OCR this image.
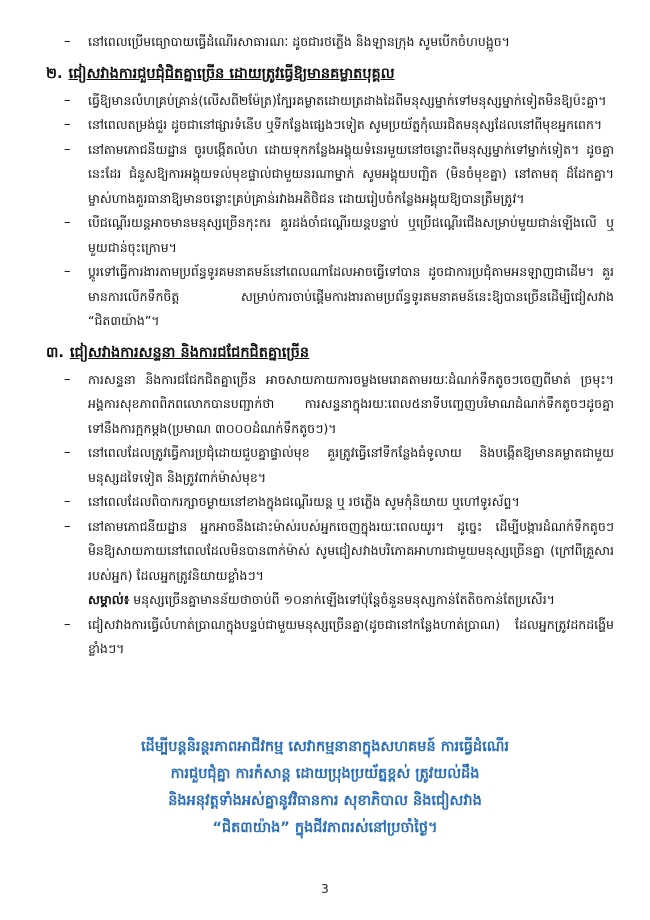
– នៅពេលប្រើមធ្យោបាយធ្វើដំណើរសាធារណៈ ដូចជារថភ្លើង និងឡានក្រុង សូមបើកចំហបង្អួច។

២. ជៀសវាងការជួបជុំជិតគ្នាច្រើន ដោយត្រូវធ្វើឱ្យមានគម្លាតបុគ្គល

– ធ្វើឱ្យមានលំហគ្រប់គ្រាន់(លើសពី២ម៉ែត្រ)ក្បែរគម្លាតដោយត្រដាងដៃពីមនុស្សម្នាក់ទៅមនុស្សម្នាក់ទៀតមិនឱ្យប៉ះគ្នា។

– នៅពេលតម្រង់ជួរ ដូចជានៅផ្សារទំនើប ឬទីកន្លែងផ្សេងៗទៀត សូមប្រយ័ត្នកុំឈរជិតមនុស្សដែលនៅពីមុខអ្នកពេក។

– នៅតាមភោជនីយដ្ឋាន ចូរបង្កើតលំហ ដោយទុកកន្លែងអង្គុយទំនេរមួយនៅចន្លោះពីមនុស្សម្នាក់ទៅម្នាក់ទៀត។ ដូចគ្នានេះដែរ ជំនួសឱ្យការអង្គុយទល់មុខផ្ទាល់ជាមួយនរណាម្នាក់ សូមអង្គុយបញ្ឆិត (មិនចំមុខគ្នា) នៅតាមតុ ដ៏ដែកគ្នា។ ម្ចាស់ហាងគួរធានាឱ្យមានចន្លោះគ្រប់គ្រាន់រវាងអតិថិជន ដោយរៀបចំកន្លែងអង្គុយឱ្យបានត្រឹមត្រូវ។

– បើជណ្តើរយន្តអាចមានមនុស្សច្រើនកុះករ គួរដង់ចាំជណ្តើរយន្តបន្ទាប់ ឬប្រើជណ្តើរជើងសម្រាប់មួយជាន់ឡើងលើ ឬ មួយជាន់ចុះក្រោម។

– ប្តូរទៅធ្វើការងារតាមប្រព័ន្ធទូរគមនាគមន៍នៅពេលណាដែលអាចធ្វើទៅបាន ដូចជាការប្រជុំតាមអនឡាញជាដើម។ គួរមានការលើកទឹកចិត្ត សម្រាប់ការចាប់ផ្តើមការងារតាមប្រព័ន្ធទូរគមនាគមន៍នេះឱ្យបានច្រើនដើម្បីជៀសវាង “ជិត៣យ៉ាង”។

៣. ជៀសវាងការសន្ទនា និងការជជែកជិតគ្នាច្រើន

– ការសន្ទនា និងការជជែកជិតគ្នាច្រើន អាចសាយភាយការចម្លងមេរោគតាមរយៈដំណក់ទឹកតូចៗចេញពីមាត់ ច្រមុះ។ អង្គការសុខភាពពិភពលោកបានបញ្ជាក់ថា ការសន្ទនាក្នុងរយៈពេល៥នាទីបញ្ចេញបរិមាណដំណក់ទឹកតូចៗដូចគ្នាទៅនឹងការក្អកម្តង(ប្រមាណ ៣០០០ដំណក់ទឹកតូចៗ)។

– នៅពេលដែលត្រូវធ្វើការប្រជុំដោយជួបគ្នាផ្ទាល់មុខ គួរត្រូវធ្វើនៅទីកន្លែងធំទូលាយ និងបង្កើតឱ្យមានគម្លាតជាមួយមនុស្សដទៃទៀត និងត្រូវពាក់ម៉ាស់មុខ។

– នៅពេលដែលពិបាករក្សាចម្ងាយនៅខាងក្នុងជណ្តើរយន្ត ឬ រថភ្លើង សូមកុំនិយាយ ឬហៅទូរស័ព្ទ។

– នៅតាមភោជនីយដ្ឋាន អ្នកអាចនឹងដោះម៉ាស់របស់អ្នកចេញក្នុងរយៈពេលយូរ។ ដូច្នេះ ដើម្បីបង្ការដំណក់ទឹកតូចៗ មិនឱ្យសាយភាយនៅពេលដែលមិនបានពាក់ម៉ាស់ សូមជៀសវាងបរិភោគអាហារជាមួយមនុស្សច្រើនគ្នា (ក្រៅពីគ្រួសាររបស់អ្នក) ដែលអ្នកត្រូវនិយាយខ្លាំងៗ។

សម្គាល់៖ មនុស្សច្រើនគ្នាមានន័យថាចាប់ពី ១០នាក់ឡើងទៅប៉ុន្តែចំនួនមនុស្សកាន់តែតិចកាន់តែប្រសើរ។

– ជៀសវាងការធ្វើលំហាត់ប្រាណក្នុងបន្ទប់ជាមួយមនុស្សច្រើនគ្នា(ដូចជានៅកន្លែងហាត់ប្រាណ) ដែលអ្នកត្រូវដកដង្ហើមខ្លាំងៗ។

ដើម្បីបន្តនិរន្តរភាពអាជីវកម្ម សេវាកម្មនានាក្នុងសហគមន៍ ការធ្វើដំណើរ
ការជួបជុំគ្នា ការកំសាន្ត ដោយប្រុងប្រយ័ត្នខ្ពស់ ត្រូវយល់ដឹង
និងអនុវត្តទាំងអស់គ្នានូវវិធានការ សុខាភិបាល និងជៀសវាង
“ជិត៣យ៉ាង” ក្នុងជីវភាពរស់នៅប្រចាំថ្ងៃ។
3
